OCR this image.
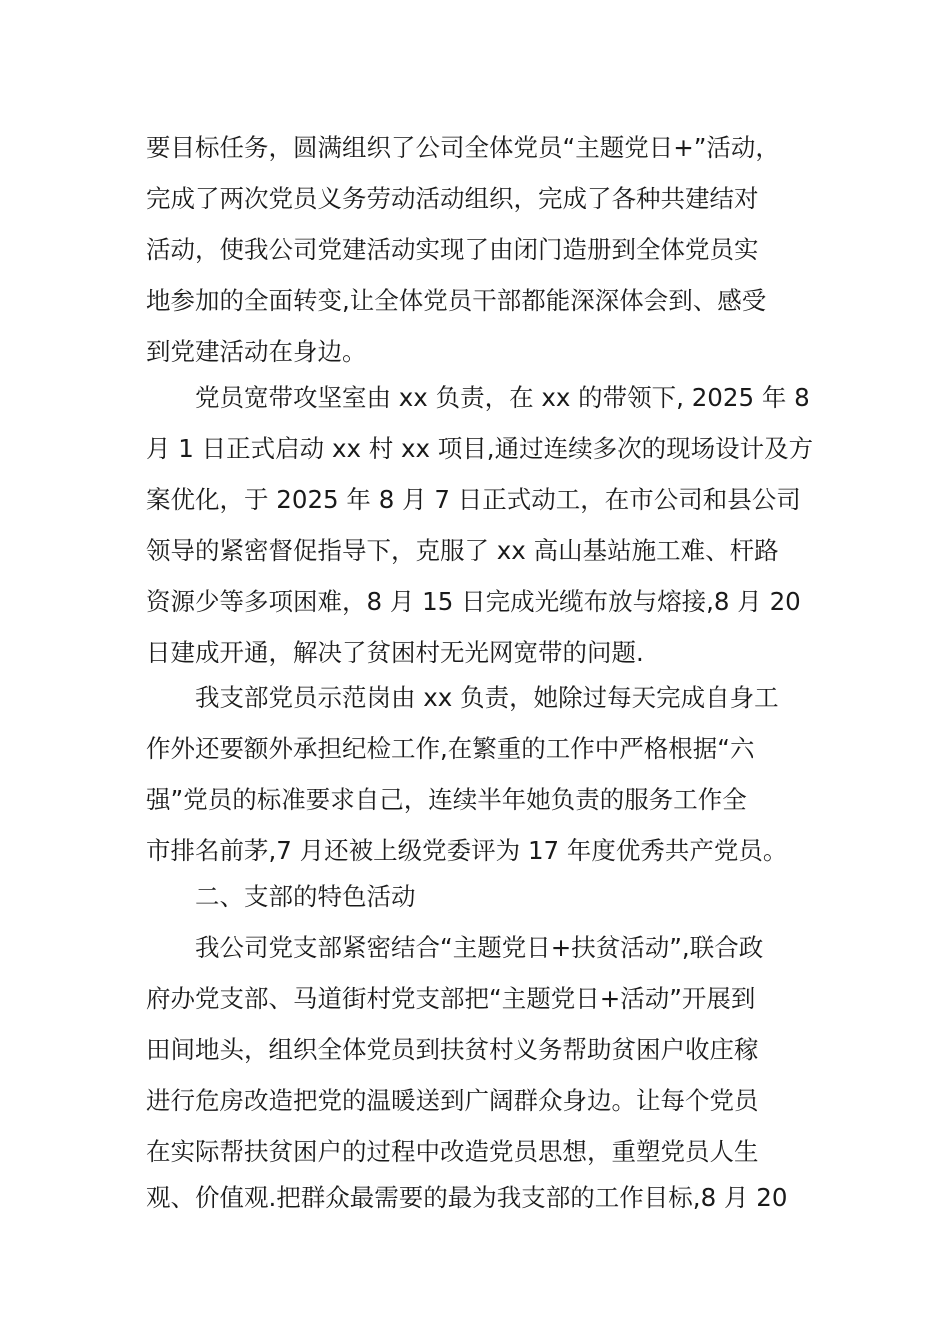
要目标任务，圆满组织了公司全体党员“主题党日+”活动，
完成了两次党员义务劳动活动组织，完成了各种共建结对
活动，使我公司党建活动实现了由闭门造册到全体党员实
地参加的全面转变,让全体党员干部都能深深体会到、感受
到党建活动在身边。
党员宽带攻坚室由 xx 负责，在 xx 的带领下, 2025 年 8
月 1 日正式启动 xx 村 xx 项目,通过连续多次的现场设计及方
案优化，于 2025 年 8 月 7 日正式动工，在市公司和县公司
领导的紧密督促指导下，克服了 xx 高山基站施工难、杆路
资源少等多项困难，8 月 15 日完成光缆布放与熔接,8 月 20
日建成开通，解决了贫困村无光网宽带的问题.
我支部党员示范岗由 xx 负责，她除过每天完成自身工
作外还要额外承担纪检工作,在繁重的工作中严格根据“六
强”党员的标准要求自己，连续半年她负责的服务工作全
市排名前茅,7 月还被上级党委评为 17 年度优秀共产党员。
二、支部的特色活动
我公司党支部紧密结合“主题党日+扶贫活动”,联合政
府办党支部、马道街村党支部把“主题党日+活动”开展到
田间地头，组织全体党员到扶贫村义务帮助贫困户收庄稼
进行危房改造把党的温暖送到广阔群众身边。让每个党员
在实际帮扶贫困户的过程中改造党员思想，重塑党员人生
观、价值观.把群众最需要的最为我支部的工作目标,8 月 20
